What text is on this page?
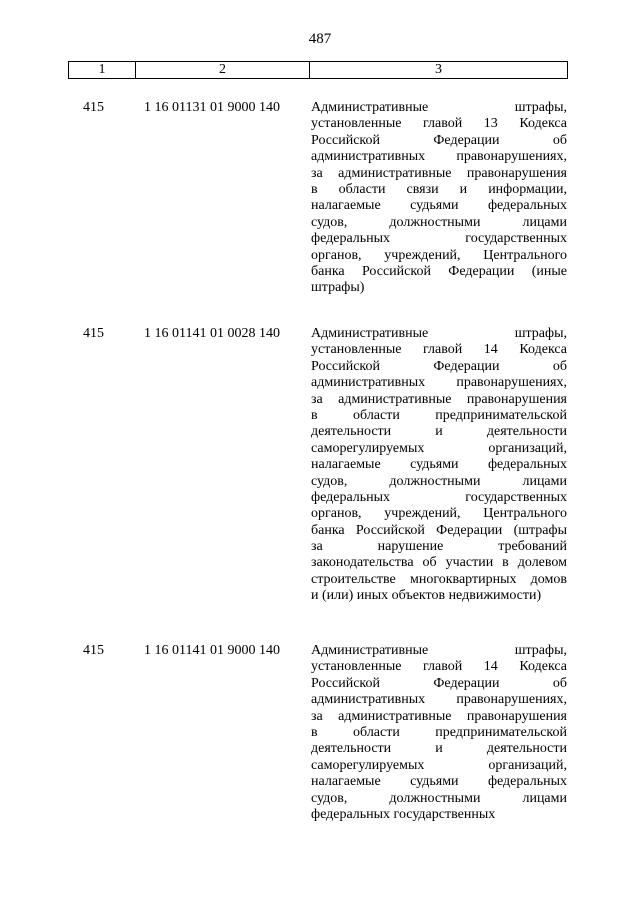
487
1	2	3
415	1 16 01131 01 9000 140 Административные штрафы,
установленные главой 13 Кодекса
Российской Федерации об
административных правонарушениях,
за административные правонарушения
в области связи и информации,
налагаемые судьями федеральных
судов, должностными лицами
федеральных государственных
органов, учреждений, Центрального
банка Российской Федерации (иные
штрафы)
415	1 16 01141 01 0028 140 Административные штрафы,
установленные главой 14 Кодекса
Российской Федерации об
административных правонарушениях,
за административные правонарушения
в области предпринимательской
деятельности и деятельности
саморегулируемых организаций,
налагаемые судьями федеральных
судов, должностными лицами
федеральных государственных
органов, учреждений, Центрального
банка Российской Федерации (штрафы
за нарушение требований
законодательства об участии в долевом
строительстве многоквартирных домов
и (или) иных объектов недвижимости)
415	1 16 01141 01 9000 140 Административные штрафы,
установленные главой 14 Кодекса
Российской Федерации об
административных правонарушениях,
за административные правонарушения
в области предпринимательской
деятельности и деятельности
саморегулируемых организаций,
налагаемые судьями федеральных
судов, должностными лицами
федеральных государственных
